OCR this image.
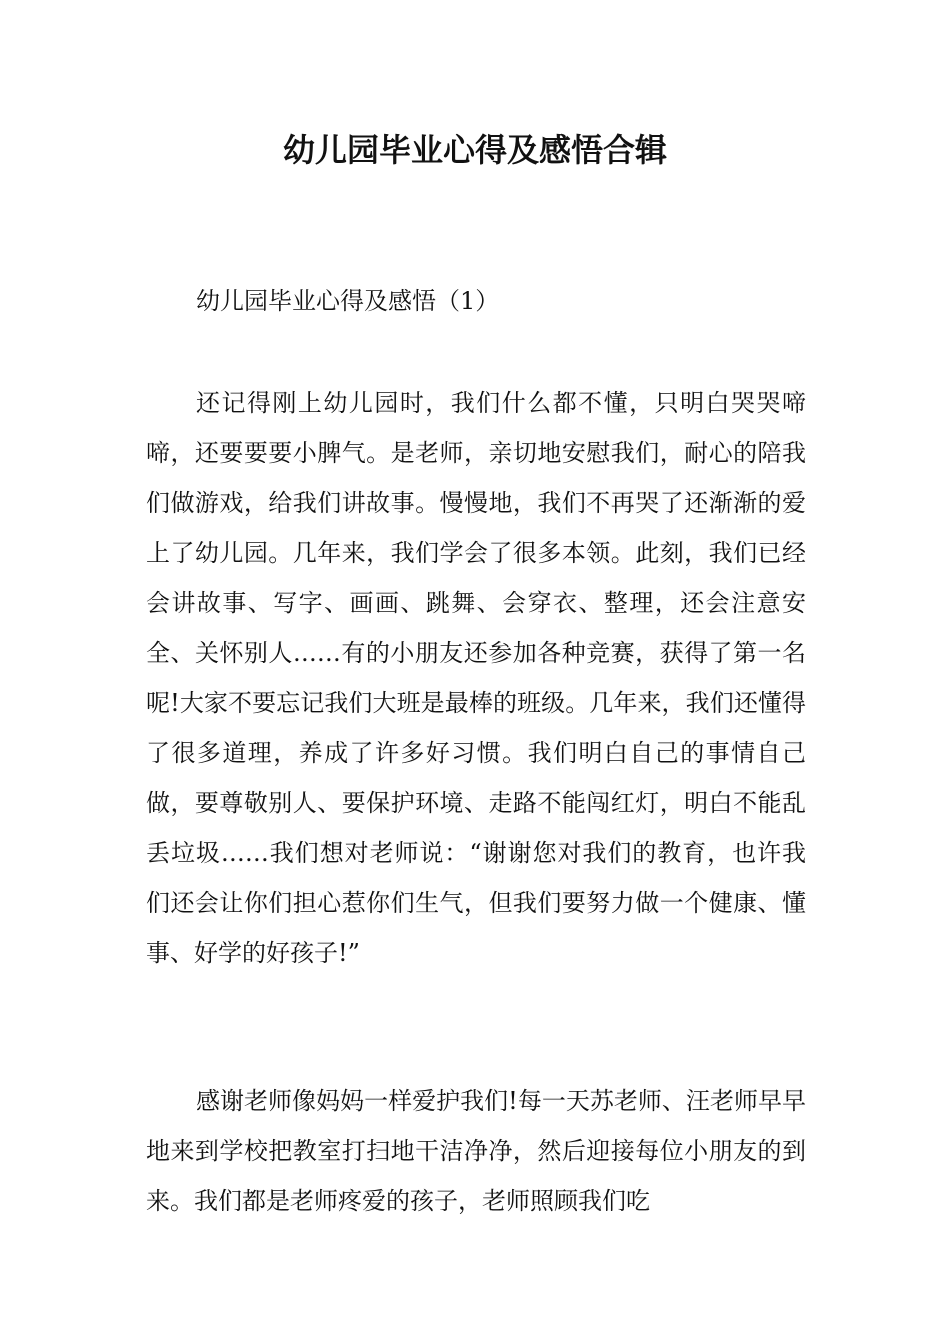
幼儿园毕业心得及感悟合辑

幼儿园毕业心得及感悟（1）

还记得刚上幼儿园时，我们什么都不懂，只明白哭哭啼啼，还要要要小脾气。是老师，亲切地安慰我们，耐心的陪我们做游戏，给我们讲故事。慢慢地，我们不再哭了还渐渐的爱上了幼儿园。几年来，我们学会了很多本领。此刻，我们已经会讲故事、写字、画画、跳舞、会穿衣、整理，还会注意安全、关怀别人……有的小朋友还参加各种竞赛，获得了第一名呢!大家不要忘记我们大班是最棒的班级。几年来，我们还懂得了很多道理，养成了许多好习惯。我们明白自己的事情自己做，要尊敬别人、要保护环境、走路不能闯红灯，明白不能乱丢垃圾……我们想对老师说：“谢谢您对我们的教育，也许我们还会让你们担心惹你们生气，但我们要努力做一个健康、懂事、好学的好孩子!”

感谢老师像妈妈一样爱护我们!每一天苏老师、汪老师早早地来到学校把教室打扫地干洁净净，然后迎接每位小朋友的到来。我们都是老师疼爱的孩子，老师照顾我们吃
